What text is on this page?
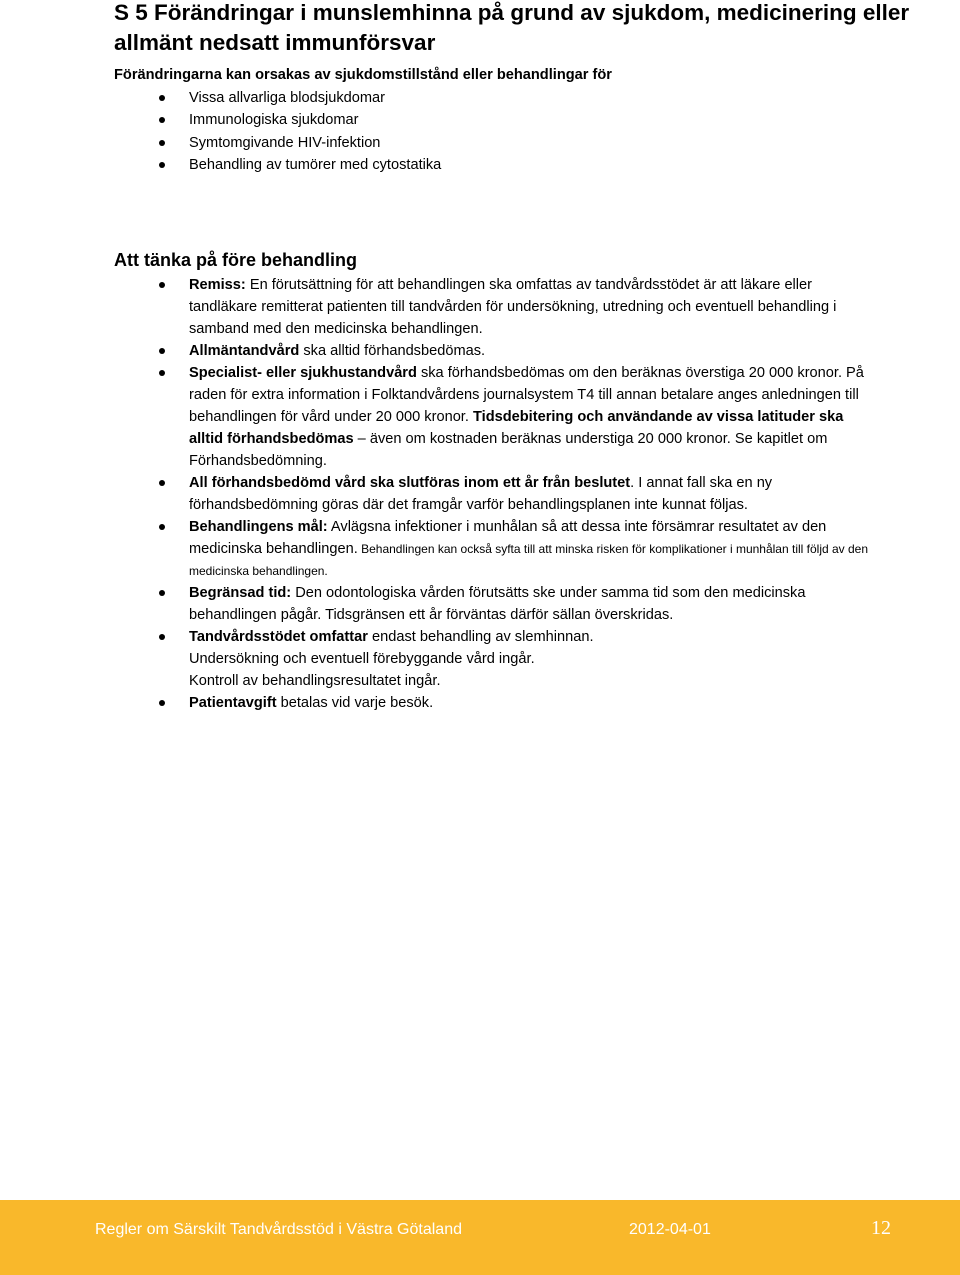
S 5 Förändringar i munslemhinna på grund av sjukdom, medicinering eller allmänt nedsatt immunförsvar
Förändringarna kan orsakas av sjukdomstillstånd eller behandlingar för
Vissa allvarliga blodsjukdomar
Immunologiska sjukdomar
Symtomgivande HIV-infektion
Behandling av tumörer med cytostatika
Att tänka på före behandling
Remiss: En förutsättning för att behandlingen ska omfattas av tandvårdsstödet är att läkare eller tandläkare remitterat patienten till tandvården för undersökning, utredning och eventuell behandling i samband med den medicinska behandlingen.
Allmäntandvård ska alltid förhandsbedömas.
Specialist- eller sjukhustandvård ska förhandsbedömas om den beräknas överstiga 20 000 kronor. På raden för extra information i Folktandvårdens journalsystem T4 till annan betalare anges anledningen till behandlingen för vård under 20 000 kronor. Tidsdebitering och användande av vissa latituder ska alltid förhandsbedömas – även om kostnaden beräknas understiga 20 000 kronor. Se kapitlet om Förhandsbedömning.
All förhandsbedömd vård ska slutföras inom ett år från beslutet. I annat fall ska en ny förhandsbedömning göras där det framgår varför behandlingsplanen inte kunnat följas.
Behandlingens mål: Avlägsna infektioner i munhålan så att dessa inte försämrar resultatet av den medicinska behandlingen. Behandlingen kan också syfta till att minska risken för komplikationer i munhålan till följd av den medicinska behandlingen.
Begränsad tid: Den odontologiska vården förutsätts ske under samma tid som den medicinska behandlingen pågår. Tidsgränsen ett år förväntas därför sällan överskridas.
Tandvårdsstödet omfattar endast behandling av slemhinnan.
Undersökning och eventuell förebyggande vård ingår.
Kontroll av behandlingsresultatet ingår.
Patientavgift betalas vid varje besök.
Regler om Särskilt Tandvårdsstöd i Västra Götaland	2012-04-01	12
